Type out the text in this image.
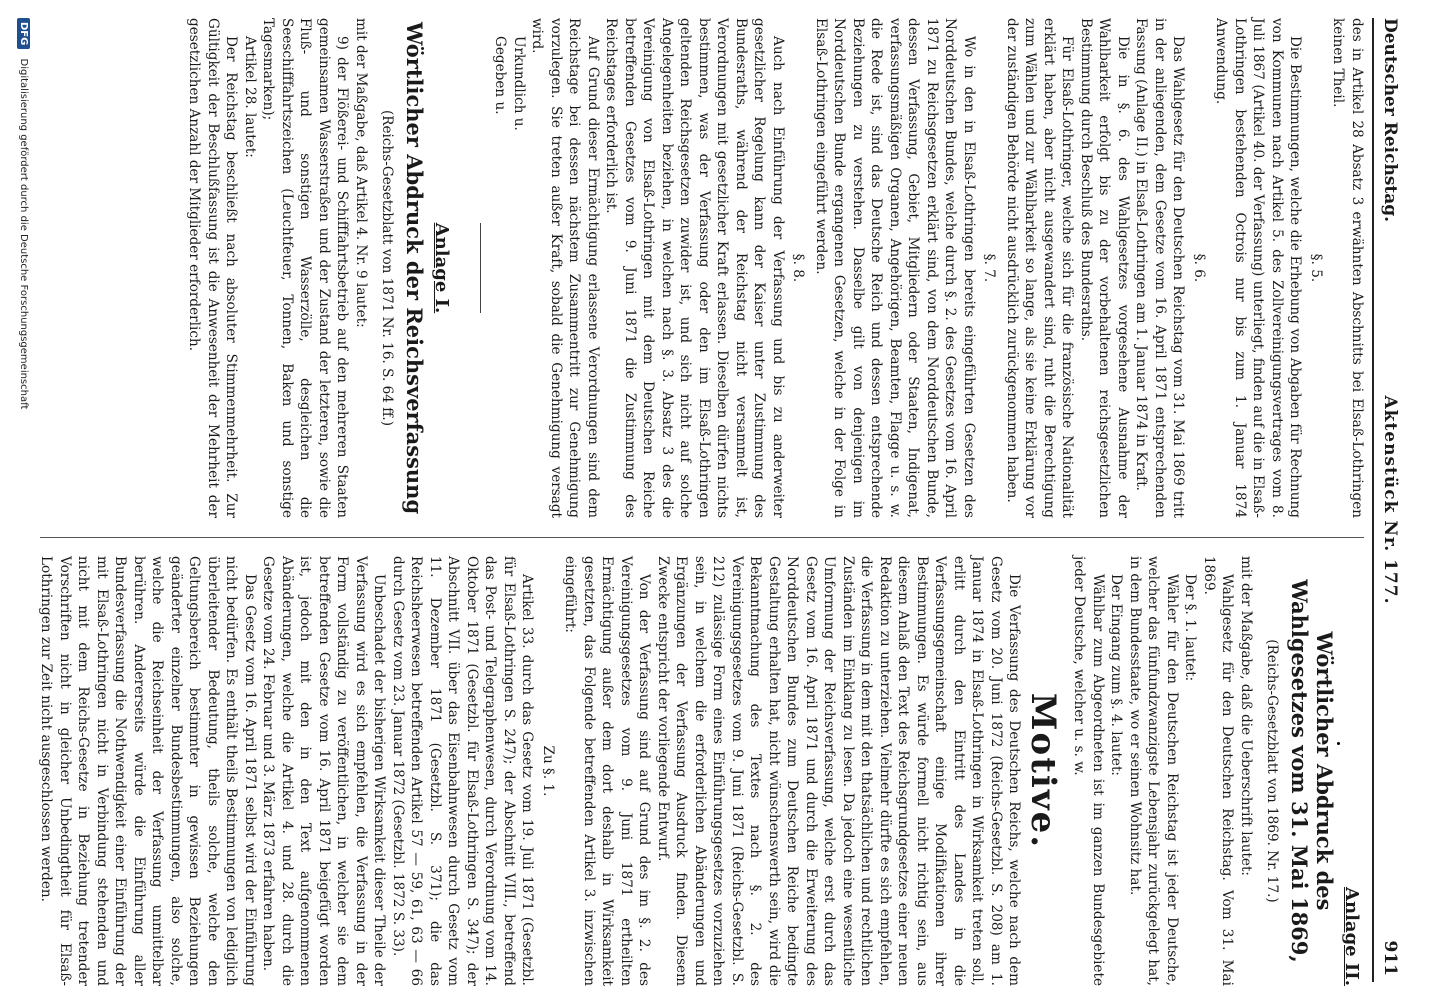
Deutscher Reichstag.
Aktenstück Nr. 177.
911

des in Artikel 28 Absatz 3 erwähnten Abschnitts bei Elsaß-Lothringen keinen Theil.

§. 5.

Die Bestimmungen, welche die Erhebung von Abgaben für Rechnung von Kommunen nach Artikel 5. des Zollvereinigungsvertrages vom 8. Juli 1867 (Artikel 40. der Verfassung) unterliegt, finden auf die in Elsaß-Lothringen bestehenden Octrois nur bis zum 1. Januar 1874 Anwendung.

§. 6.

Das Wahlgesetz für den Deutschen Reichstag vom 31. Mai 1869 tritt in der anliegenden, dem Gesetze vom 16. April 1871 entsprechenden Fassung (Anlage II.) in Elsaß-Lothringen am 1. Januar 1874 in Kraft.

Die in §. 6. des Wahlgesetzes vorgesehene Ausnahme der Wahlbarkeit erfolgt bis zu der vorbehaltenen reichsgesetzlichen Bestimmung durch Beschluß des Bundesraths.

Für Elsaß-Lothringer, welche sich für die französische Nationalität erklärt haben, aber nicht ausgewandert sind, ruht die Berechtigung zum Wählen und zur Wählbarkeit so lange, als sie keine Erklärung vor der zuständigen Behörde nicht ausdrücklich zurückgenommen haben.

§. 7.

Wo in den in Elsaß-Lothringen bereits eingeführten Gesetzen des Norddeutschen Bundes, welche durch §. 2. des Gesetzes vom 16. April 1871 zu Reichsgesetzen erklärt sind, von dem Norddeutschen Bunde, dessen Verfassung, Gebiet, Mitgliedern oder Staaten, Indigenat, verfassungsmäßigen Organen, Angehörigen, Beamten, Flagge u. s. w. die Rede ist, sind das Deutsche Reich und dessen entsprechende Beziehungen zu verstehen. Dasselbe gilt von denjenigen im Norddeutschen Bunde ergangenen Gesetzen, welche in der Folge in Elsaß-Lothringen eingeführt werden.

§. 8.

Auch nach Einführung der Verfassung und bis zu anderweiter gesetzlicher Regelung kann der Kaiser unter Zustimmung des Bundesraths, während der Reichstag nicht versammelt ist, Verordnungen mit gesetzlicher Kraft erlassen. Dieselben dürfen nichts bestimmen, was der Verfassung oder den im Elsaß-Lothringen geltenden Reichsgesetzen zuwider ist, und sich nicht auf solche Angelegenheiten beziehen, in welchen nach §. 3. Absatz 3 des die Vereinigung von Elsaß-Lothringen mit dem Deutschen Reiche betreffenden Gesetzes vom 9. Juni 1871 die Zustimmung des Reichstages erforderlich ist.

Auf Grund dieser Ermächtigung erlassene Verordnungen sind dem Reichstage bei dessen nächstem Zusammentritt zur Genehmigung vorzulegen. Sie treten außer Kraft, sobald die Genehmigung versagt wird.

Urkundlich u.

Gegeben u.

Anlage I.
Wörtlicher Abdruck der Reichsverfassung
(Reichs-Gesetzblatt von 1871 Nr. 16. S. 64 ff.)

mit der Maßgabe, daß Artikel 4. Nr. 9 lautet:

9) der Flößerei- und Schifffahrtsbetrieb auf den mehreren Staaten gemeinsamen Wasserstraßen und der Zustand der letzteren, sowie die Fluß- und sonstigen Wasserzölle, desgleichen die Seeschifffahrtszeichen (Leuchtfeuer, Tonnen, Baken und sonstige Tagesmarken);

Artikel 28. lautet:

Der Reichstag beschließt nach absoluter Stimmenmehrheit. Zur Gültigkeit der Beschlußfassung ist die Anwesenheit der Mehrheit der gesetzlichen Anzahl der Mitglieder erforderlich.

Anlage II.
Wörtlicher Abdruck des Wahlgesetzes vom 31. Mai 1869,
(Reichs-Gesetzblatt von 1869. Nr. 17.)

mit der Maßgabe, daß die Ueberschrift lautet:

Wahlgesetz für den Deutschen Reichstag. Vom 31. Mai 1869.

Der §. 1. lautet:

Wähler für den Deutschen Reichstag ist jeder Deutsche, welcher das fünfundzwanzigste Lebensjahr zurückgelegt hat, in dem Bundesstaate, wo er seinen Wohnsitz hat.

Der Eingang zum §. 4. lautet:

Wählbar zum Abgeordneten ist im ganzen Bundesgebiete jeder Deutsche, welcher u. s. w.

Motive.

Die Verfassung des Deutschen Reichs, welche nach dem Gesetz vom 20. Juni 1872 (Reichs-Gesetzbl. S. 208) am 1. Januar 1874 in Elsaß-Lothringen in Wirksamkeit treten soll, erlitt durch den Eintritt des Landes in die Verfassungsgemeinschaft einige Modifikationen ihrer Bestimmungen. Es würde formell nicht richtig sein, aus diesem Anlaß den Text des Reichsgrundgesetzes einer neuen Redaktion zu unterziehen. Vielmehr dürfte es sich empfehlen, die Verfassung in dem mit den thatsächlichen und rechtlichen Zuständen im Einklang zu lesen. Da jedoch eine wesentliche Umformung der Reichsverfassung, welche erst durch das Gesetz vom 16. April 1871 und durch die Erweiterung des Norddeutschen Bundes zum Deutschen Reiche bedingte Gestaltung erhalten hat, nicht wünschenswerth sein, wird die Bekanntmachung des Textes nach §. 2. des Vereinigungsgesetzes vom 9. Juni 1871 (Reichs-Gesetzbl. S. 212) zulässige Form eines Einführungsgesetzes vorzuziehen sein, in welchem die erforderlichen Abänderungen und Ergänzungen der Verfassung Ausdruck finden. Diesem Zwecke entspricht der vorliegende Entwurf.

Von der Verfassung sind auf Grund des im §. 2. des Vereinigungsgesetzes vom 9. Juni 1871 ertheilten Ermächtigung außer dem dort deshalb in Wirksamkeit gesetzten, das Folgende betreffenden Artikel 3. inzwischen eingeführt:

Zu §. 1.

Artikel 33. durch das Gesetz vom 19. Juli 1871 (Gesetzbl. für Elsaß-Lothringen S. 247); der Abschnitt VIII., betreffend das Post- und Telegraphenwesen, durch Verordnung vom 14. Oktober 1871 (Gesetzbl. für Elsaß-Lothringen S. 347); der Abschnitt VII. über das Eisenbahnwesen durch Gesetz vom 11. Dezember 1871 (Gesetzbl. S. 371); die das Reichsheerwesen betreffenden Artikel 57 — 59, 61, 63 — 66 durch Gesetz vom 23. Januar 1872 (Gesetzbl. 1872 S. 33).

Unbeschadet der bisherigen Wirksamkeit dieser Theile der Verfassung wird es sich empfehlen, die Verfassung in der Form vollständig zu veröffentlichen, in welcher sie dem betreffenden Gesetze vom 16. April 1871 beigefügt worden ist, jedoch mit den in den Text aufgenommenen Abänderungen, welche die Artikel 4. und 28. durch die Gesetze vom 24. Februar und 3. März 1873 erfahren haben.

Das Gesetz vom 16. April 1871 selbst wird der Einführung nicht bedürfen. Es enthält theils Bestimmungen von lediglich überleitender Bedeutung, theils solche, welche den Geltungsbereich bestimmter in gewissen Beziehungen geänderter einzelner Bundesbestimmungen, also solche, welche die Reichseinheit der Verfassung unmittelbar berühren. Andererseits würde die Einführung aller Bundesverfassung die Nothwendigkeit einer Einführung der mit Elsaß-Lothringen nicht in Verbindung stehenden und nicht mit dem Reichs-Gesetze in Beziehung tretender Vorschriften nicht in gleicher Unbedingtheit für Elsaß-Lothringen zur Zeit nicht ausgeschlossen werden.

DFG Digitalisierung gefördert durch die Deutsche Forschungsgemeinschaft
